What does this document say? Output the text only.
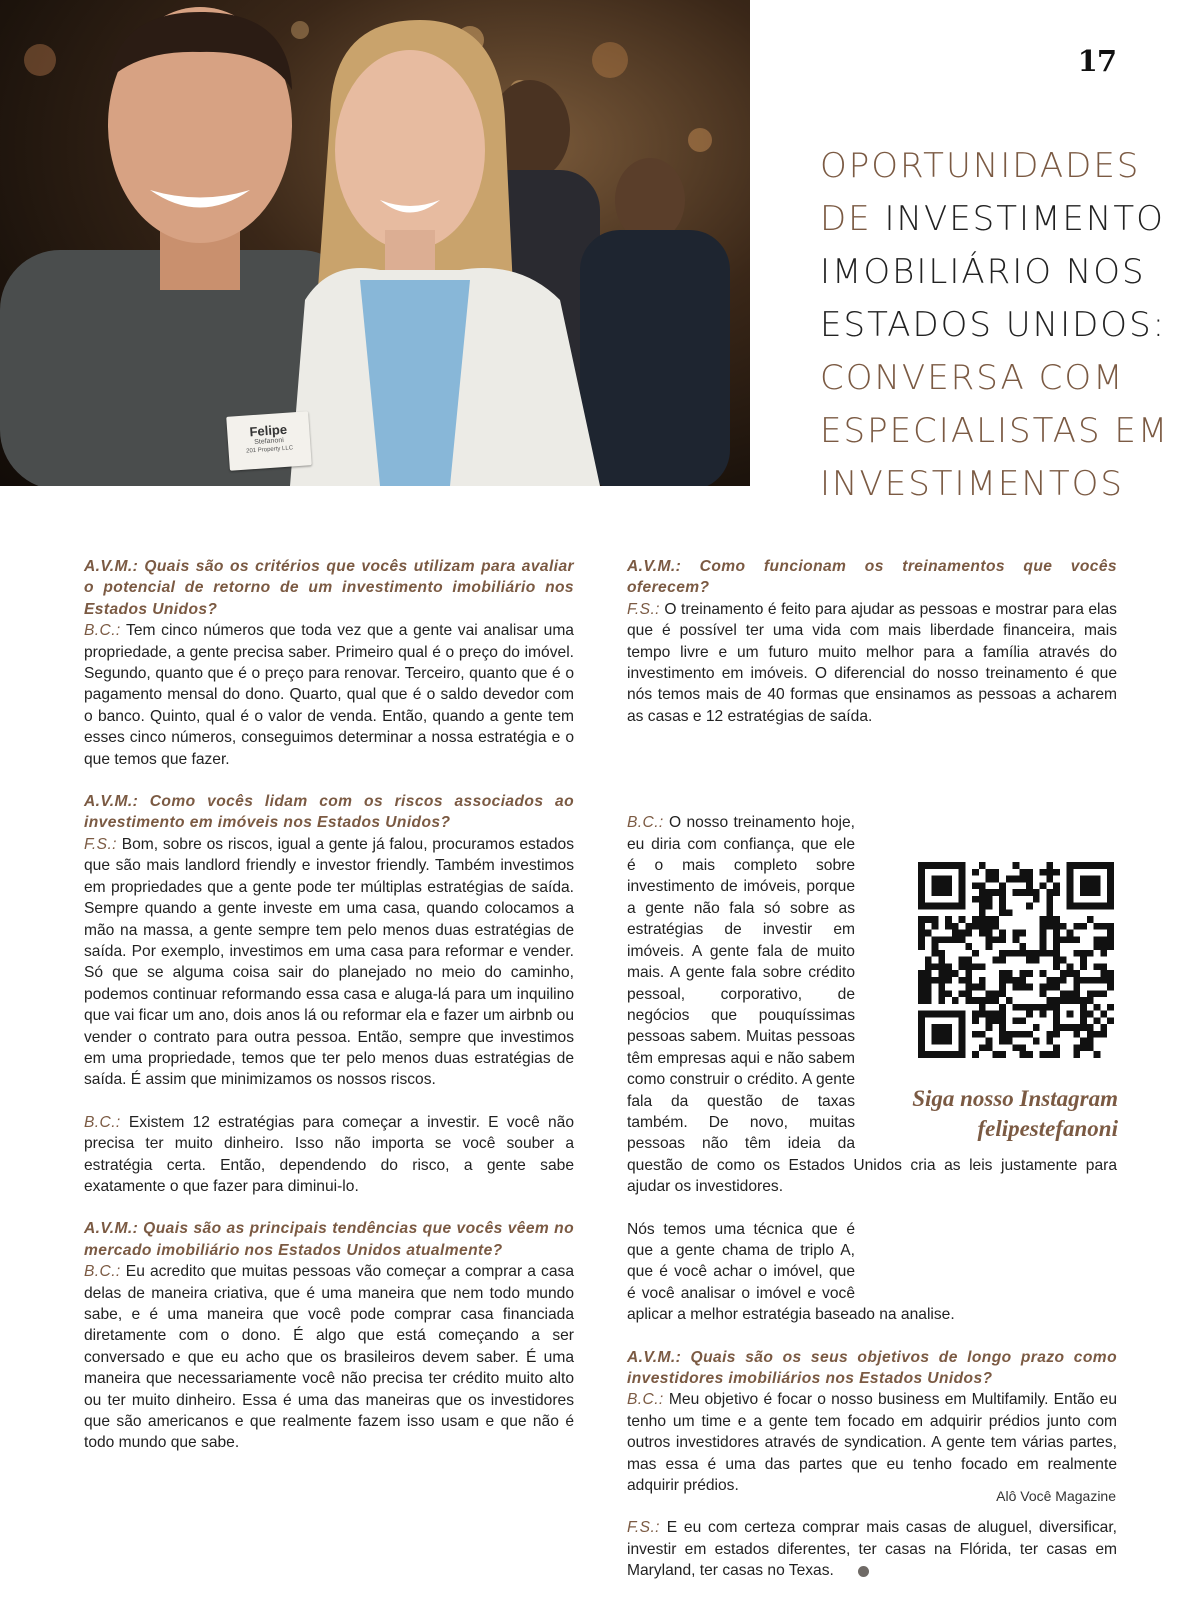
Felipe
Stefanoni
201 Property LLC
17
OPORTUNIDADES
DE INVESTIMENTO
IMOBILIÁRIO NOS
ESTADOS UNIDOS:
CONVERSA COM
ESPECIALISTAS EM
INVESTIMENTOS

A.V.M.: Quais são os critérios que vocês utilizam para avaliar o potencial de retorno de um investimento imobiliário nos Estados Unidos?
B.C.: Tem cinco números que toda vez que a gente vai analisar uma propriedade, a gente precisa saber. Primeiro qual é o preço do imóvel. Segundo, quanto que é o preço para renovar. Terceiro, quanto que é o pagamento mensal do dono. Quarto, qual que é o saldo devedor com o banco. Quinto, qual é o valor de venda. Então, quando a gente tem esses cinco números, conseguimos determinar a nossa estratégia e o que temos que fazer.

A.V.M.: Como vocês lidam com os riscos associados ao investimento em imóveis nos Estados Unidos?
F.S.: Bom, sobre os riscos, igual a gente já falou, procuramos estados que são mais landlord friendly e investor friendly. Também investimos em propriedades que a gente pode ter múltiplas estratégias de saída. Sempre quando a gente investe em uma casa, quando colocamos a mão na massa, a gente sempre tem pelo menos duas estratégias de saída. Por exemplo, investimos em uma casa para reformar e vender. Só que se alguma coisa sair do planejado no meio do caminho, podemos continuar reformando essa casa e aluga-lá para um inquilino que vai ficar um ano, dois anos lá ou reformar ela e fazer um airbnb ou vender o contrato para outra pessoa. Então, sempre que investimos em uma propriedade, temos que ter pelo menos duas estratégias de saída. É assim que minimizamos os nossos riscos.

B.C.: Existem 12 estratégias para começar a investir. E você não precisa ter muito dinheiro. Isso não importa se você souber a estratégia certa. Então, dependendo do risco, a gente sabe exatamente o que fazer para diminui-lo.

A.V.M.: Quais são as principais tendências que vocês vêem no mercado imobiliário nos Estados Unidos atualmente?
B.C.: Eu acredito que muitas pessoas vão começar a comprar a casa delas de maneira criativa, que é uma maneira que nem todo mundo sabe, e é uma maneira que você pode comprar casa financiada diretamente com o dono. É algo que está começando a ser conversado e que eu acho que os brasileiros devem saber. É uma maneira que necessariamente você não precisa ter crédito muito alto ou ter muito dinheiro. Essa é uma das maneiras que os investidores que são americanos e que realmente fazem isso usam e que não é todo mundo que sabe.

A.V.M.: Como funcionam os treinamentos que vocês oferecem?
F.S.: O treinamento é feito para ajudar as pessoas e mostrar para elas que é possível ter uma vida com mais liberdade financeira, mais tempo livre e um futuro muito melhor para a família através do investimento em imóveis. O diferencial do nosso treinamento é que nós temos mais de 40 formas que ensinamos as pessoas a acharem as casas e 12 estratégias de saída.

B.C.: O nosso treinamento hoje, eu diria com confiança, que ele é o mais completo sobre investimento de imóveis, porque a gente não fala só sobre as estratégias de investir em imóveis. A gente fala de muito mais. A gente fala sobre crédito pessoal, corporativo, de negócios que pouquíssimas pessoas sabem. Muitas pessoas têm empresas aqui e não sabem como construir o crédito. A gente fala da questão de taxas também. De novo, muitas pessoas não têm ideia da questão de como os Estados Unidos cria as leis justamente para ajudar os investidores.

Nós temos uma técnica que é que a gente chama de triplo A, que é você achar o imóvel, que é você analisar o imóvel e você aplicar a melhor estratégia baseado na analise.

A.V.M.: Quais são os seus objetivos de longo prazo como investidores imobiliários nos Estados Unidos?
B.C.: Meu objetivo é focar o nosso business em Multifamily. Então eu tenho um time e a gente tem focado em adquirir prédios junto com outros investidores através de syndication. A gente tem várias partes, mas essa é uma das partes que eu tenho focado em realmente adquirir prédios.

F.S.: E eu com certeza comprar mais casas de aluguel, diversificar, investir em estados diferentes, ter casas na Flórida, ter casas em Maryland, ter casas no Texas.

Siga nosso Instagram
felipestefanoni
Alô Você Magazine
